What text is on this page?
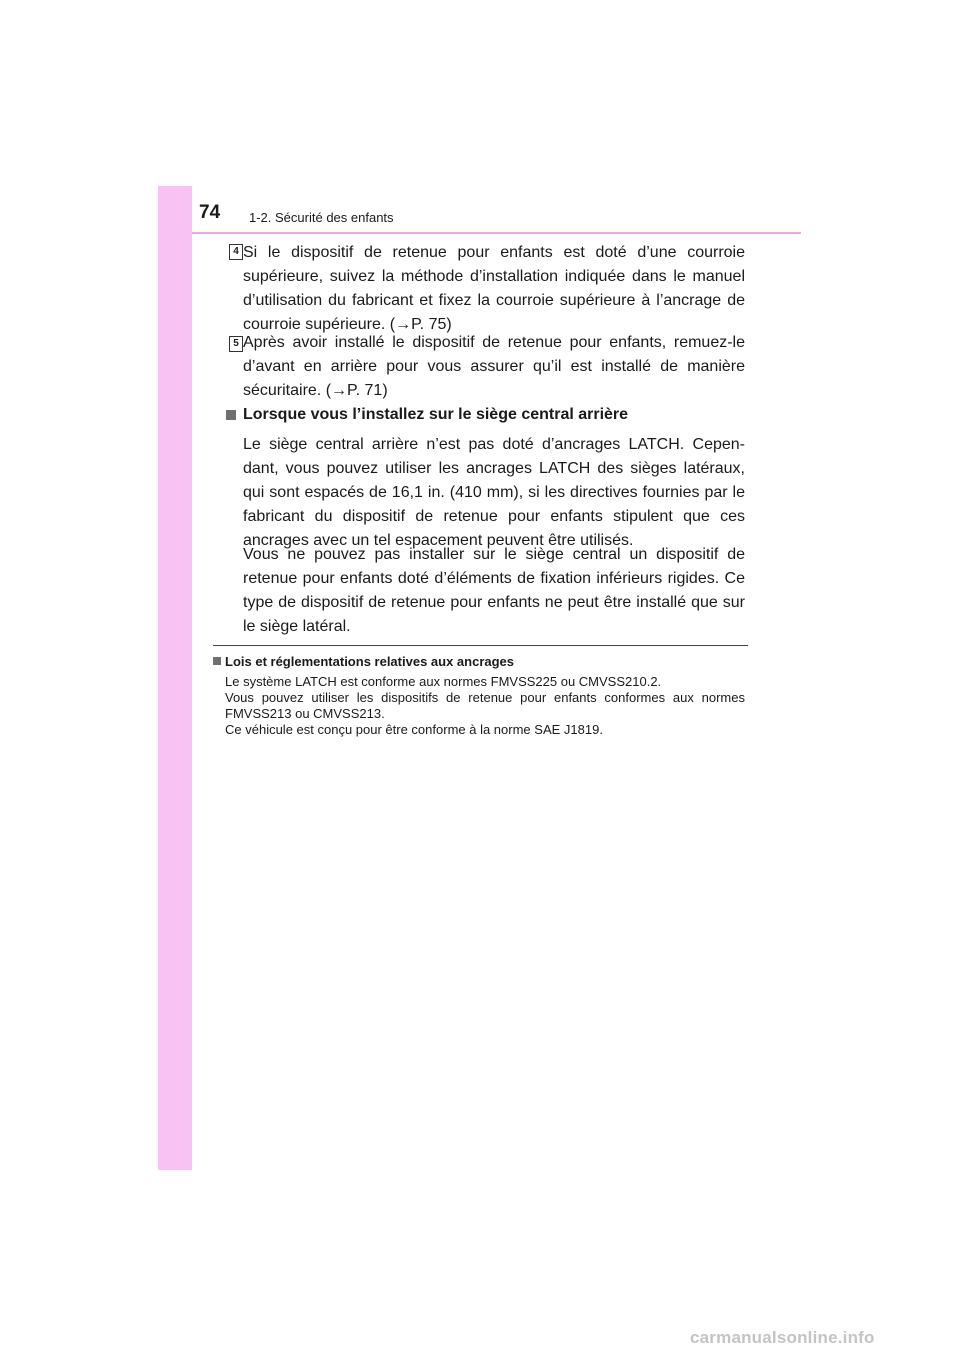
74 1-2. Sécurité des enfants
4 Si le dispositif de retenue pour enfants est doté d’une courroie supérieure, suivez la méthode d’installation indiquée dans le manuel d’utilisation du fabricant et fixez la courroie supérieure à l’ancrage de courroie supérieure. (→P. 75)

5 Après avoir installé le dispositif de retenue pour enfants, remuez-le d’avant en arrière pour vous assurer qu’il est installé de manière sécuritaire. (→P. 71)

Lorsque vous l’installez sur le siège central arrière

Le siège central arrière n’est pas doté d’ancrages LATCH. Cepen-dant, vous pouvez utiliser les ancrages LATCH des sièges latéraux, qui sont espacés de 16,1 in. (410 mm), si les directives fournies par le fabricant du dispositif de retenue pour enfants stipulent que ces ancrages avec un tel espacement peuvent être utilisés.

Vous ne pouvez pas installer sur le siège central un dispositif de retenue pour enfants doté d’éléments de fixation inférieurs rigides. Ce type de dispositif de retenue pour enfants ne peut être installé que sur le siège latéral.

Lois et réglementations relatives aux ancrages

Le système LATCH est conforme aux normes FMVSS225 ou CMVSS210.2.

Vous pouvez utiliser les dispositifs de retenue pour enfants conformes aux normes FMVSS213 ou CMVSS213.

Ce véhicule est conçu pour être conforme à la norme SAE J1819.

carmanualsonline.info
